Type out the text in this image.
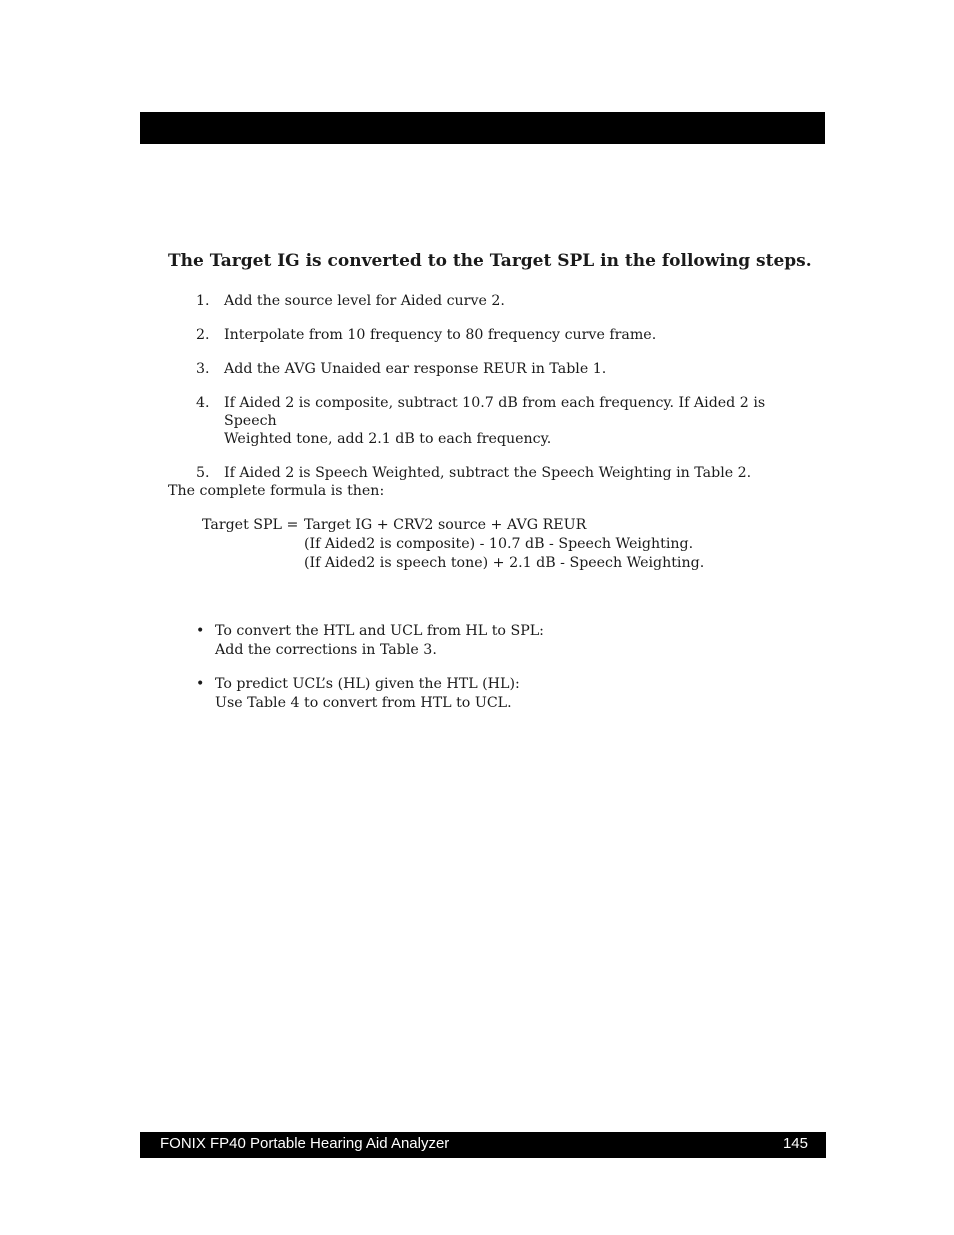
Appendix H:  Probe SPL Mode Description

The Target IG is converted to the Target SPL in the following steps.
1. Add the source level for Aided curve 2.
2. Interpolate from 10 frequency to 80 frequency curve frame.
3. Add the AVG Unaided ear response REUR in Table 1.
4. If Aided 2 is composite, subtract 10.7 dB from each frequency. If Aided 2 is Speech
Weighted tone, add 2.1 dB to each frequency.
5. If Aided 2 is Speech Weighted, subtract the Speech Weighting in Table 2.
The complete formula is then:
Target SPL = Target IG + CRV2 source + AVG REUR
(If Aided2 is composite) - 10.7 dB - Speech Weighting.
(If Aided2 is speech tone) + 2.1 dB - Speech Weighting.
• To convert the HTL and UCL from HL to SPL:
Add the corrections in Table 3.
• To predict UCL’s (HL) given the HTL (HL):
Use Table 4 to convert from HTL to UCL.
FONIX FP40 Portable Hearing Aid Analyzer	145
